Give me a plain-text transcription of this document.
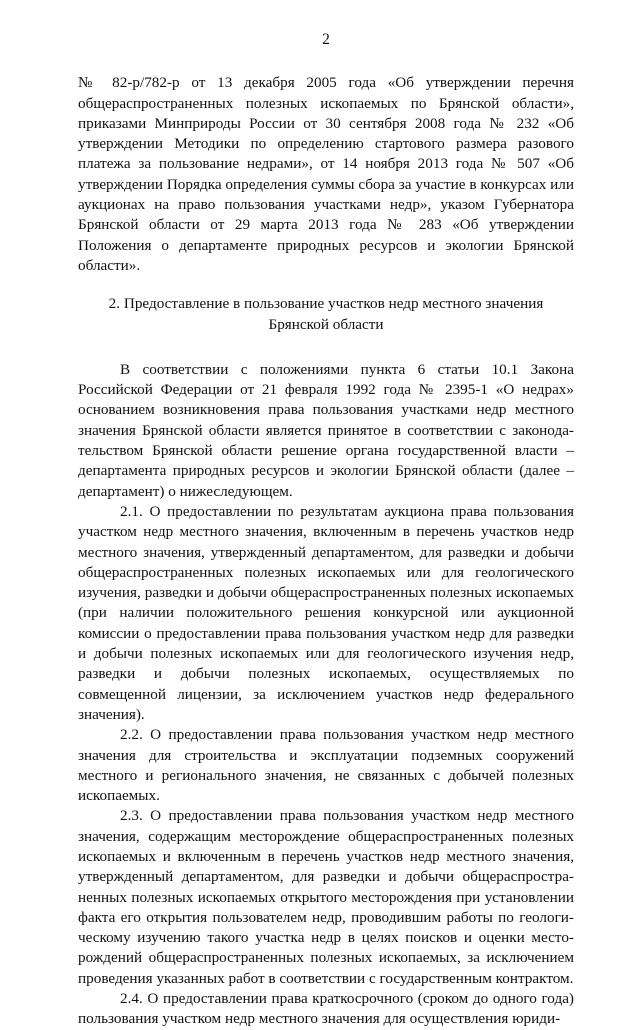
2

№ 82-р/782-р от 13 декабря 2005 года «Об утверждении перечня общераспространенных полезных ископаемых по Брянской области», приказами Минприроды России от 30 сентября 2008 года № 232 «Об утверждении Методики по определению стартового размера разового платежа за пользование недрами», от 14 ноября 2013 года № 507 «Об утверждении Порядка определения суммы сбора за участие в конкурсах или аукционах на право пользования участками недр», указом Губернатора Брянской области от 29 марта 2013 года № 283 «Об утверждении Положения о департаменте природных ресурсов и экологии Брянской области».

2. Предоставление в пользование участков недр местного значения
Брянской области

В соответствии с положениями пункта 6 статьи 10.1 Закона Российской Федерации от 21 февраля 1992 года № 2395-1 «О недрах» основанием возникновения права пользования участками недр местного значения Брянской области является принятое в соответствии с законода-тельством Брянской области решение органа государственной власти – департамента природных ресурсов и экологии Брянской области (далее – департамент) о нижеследующем.

2.1. О предоставлении по результатам аукциона права пользования участком недр местного значения, включенным в перечень участков недр местного значения, утвержденный департаментом, для разведки и добычи общераспространенных полезных ископаемых или для геологического изучения, разведки и добычи общераспространенных полезных ископаемых (при наличии положительного решения конкурсной или аукционной комиссии о предоставлении права пользования участком недр для разведки и добычи полезных ископаемых или для геологического изучения недр, разведки и добычи полезных ископаемых, осуществляемых по совмещенной лицензии, за исключением участков недр федерального значения).

2.2. О предоставлении права пользования участком недр местного значения для строительства и эксплуатации подземных сооружений местного и регионального значения, не связанных с добычей полезных ископаемых.

2.3. О предоставлении права пользования участком недр местного значения, содержащим месторождение общераспространенных полезных ископаемых и включенным в перечень участков недр местного значения, утвержденный департаментом, для разведки и добычи общераспростра-ненных полезных ископаемых открытого месторождения при установлении факта его открытия пользователем недр, проводившим работы по геологи-ческому изучению такого участка недр в целях поисков и оценки место-рождений общераспространенных полезных ископаемых, за исключением проведения указанных работ в соответствии с государственным контрактом.

2.4. О предоставлении права краткосрочного (сроком до одного года) пользования участком недр местного значения для осуществления юриди-
